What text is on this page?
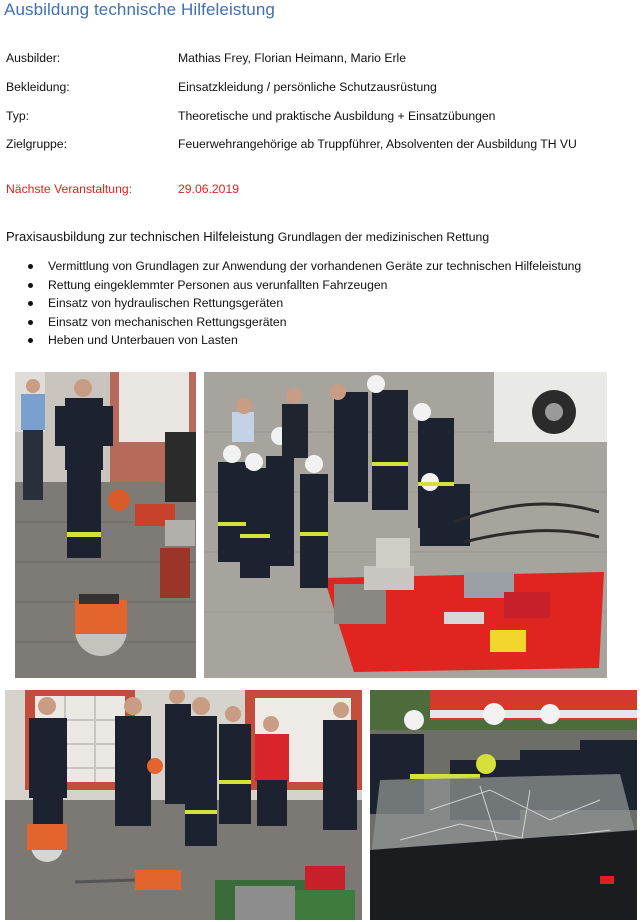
Ausbildung technische Hilfeleistung
Ausbilder:	Mathias Frey, Florian Heimann, Mario Erle
Bekleidung:	Einsatzkleidung / persönliche Schutzausrüstung
Typ:	Theoretische und praktische Ausbildung + Einsatzübungen
Zielgruppe:	Feuerwehrangehörige ab Truppführer, Absolventen der Ausbildung TH VU
Nächste Veranstaltung:	29.06.2019
Praxisausbildung zur technischen Hilfeleistung Grundlagen der medizinischen Rettung
Vermittlung von Grundlagen zur Anwendung der vorhandenen Geräte zur technischen Hilfeleistung
Rettung eingeklemmter Personen aus verunfallten Fahrzeugen
Einsatz von hydraulischen Rettungsgeräten
Einsatz von mechanischen Rettungsgeräten
Heben und Unterbauen von Lasten
